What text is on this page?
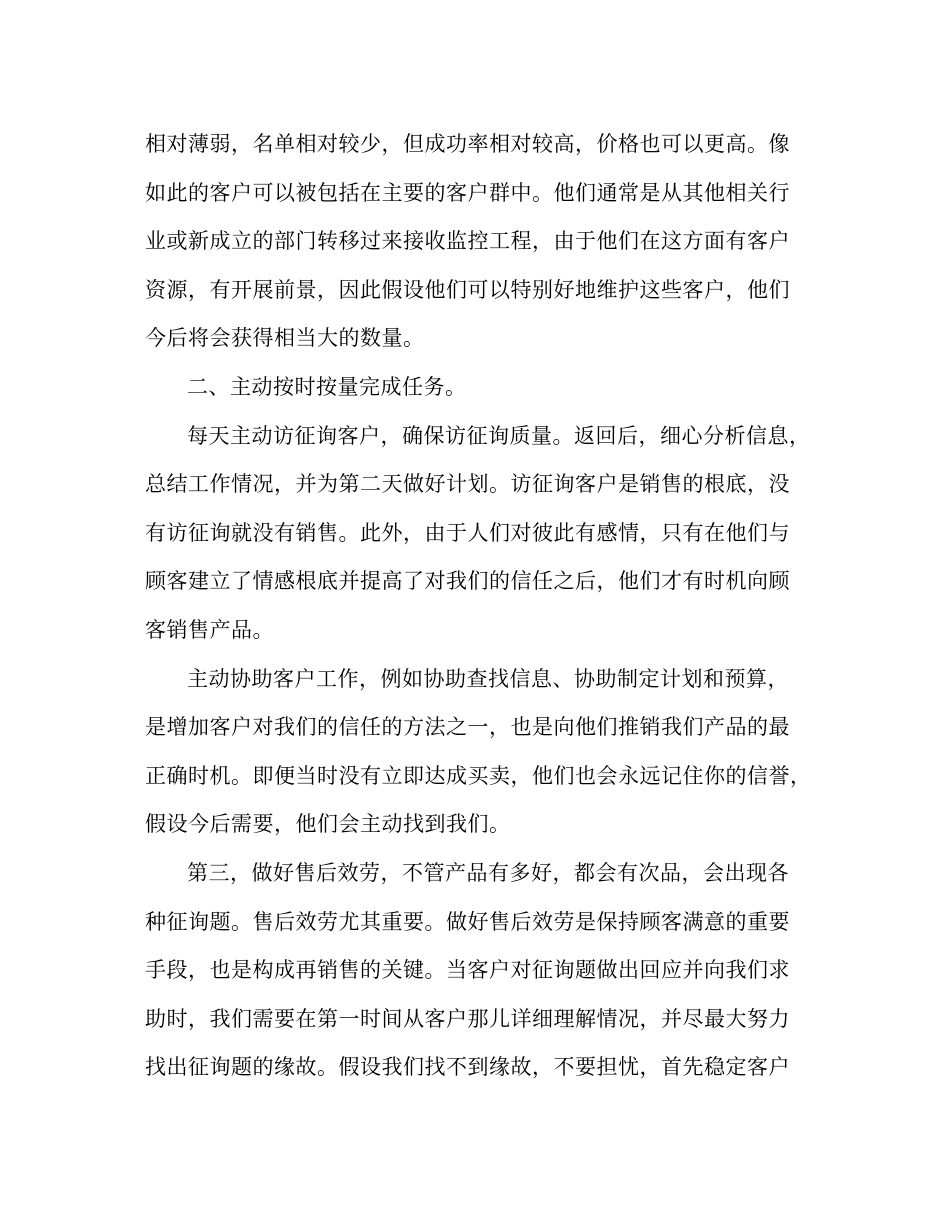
相对薄弱，名单相对较少，但成功率相对较高，价格也可以更高。像
如此的客户可以被包括在主要的客户群中。他们通常是从其他相关行
业或新成立的部门转移过来接收监控工程，由于他们在这方面有客户
资源，有开展前景，因此假设他们可以特别好地维护这些客户，他们
今后将会获得相当大的数量。
二、主动按时按量完成任务。
每天主动访征询客户，确保访征询质量。返回后，细心分析信息，
总结工作情况，并为第二天做好计划。访征询客户是销售的根底，没
有访征询就没有销售。此外，由于人们对彼此有感情，只有在他们与
顾客建立了情感根底并提高了对我们的信任之后，他们才有时机向顾
客销售产品。
主动协助客户工作，例如协助查找信息、协助制定计划和预算，
是增加客户对我们的信任的方法之一，也是向他们推销我们产品的最
正确时机。即便当时没有立即达成买卖，他们也会永远记住你的信誉，
假设今后需要，他们会主动找到我们。
第三，做好售后效劳，不管产品有多好，都会有次品，会出现各
种征询题。售后效劳尤其重要。做好售后效劳是保持顾客满意的重要
手段，也是构成再销售的关键。当客户对征询题做出回应并向我们求
助时，我们需要在第一时间从客户那儿详细理解情况，并尽最大努力
找出征询题的缘故。假设我们找不到缘故，不要担忧，首先稳定客户
